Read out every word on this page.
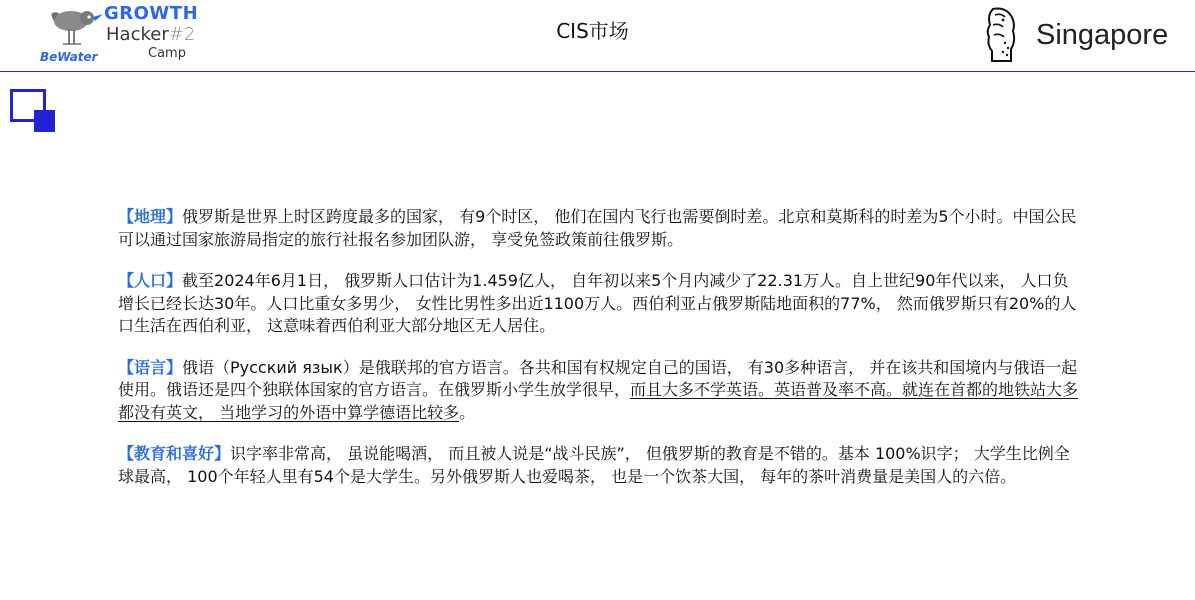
GROWTH
Hacker#2
Camp
BeWater
CIS市场	Singapore

【地理】俄罗斯是世界上时区跨度最多的国家， 有9个时区， 他们在国内飞行也需要倒时差。北京和莫斯科的时差为5个小时。中国公民可以通过国家旅游局指定的旅行社报名参加团队游， 享受免签政策前往俄罗斯。

【人口】截至2024年6月1日， 俄罗斯人口估计为1.459亿人， 自年初以来5个月内减少了22.31万人。自上世纪90年代以来， 人口负增长已经长达30年。人口比重女多男少， 女性比男性多出近1100万人。西伯利亚占俄罗斯陆地面积的77%， 然而俄罗斯只有20%的人口生活在西伯利亚， 这意味着西伯利亚大部分地区无人居住。

【语言】俄语（Русский язык）是俄联邦的官方语言。各共和国有权规定自己的国语， 有30多种语言， 并在该共和国境内与俄语一起使用。俄语还是四个独联体国家的官方语言。在俄罗斯小学生放学很早，而且大多不学英语。英语普及率不高。就连在首都的地铁站大多都没有英文， 当地学习的外语中算学德语比较多。

【教育和喜好】识字率非常高， 虽说能喝酒， 而且被人说是“战斗民族”， 但俄罗斯的教育是不错的。基本 100%识字； 大学生比例全球最高， 100个年轻人里有54个是大学生。另外俄罗斯人也爱喝茶， 也是一个饮茶大国， 每年的茶叶消费量是美国人的六倍。
